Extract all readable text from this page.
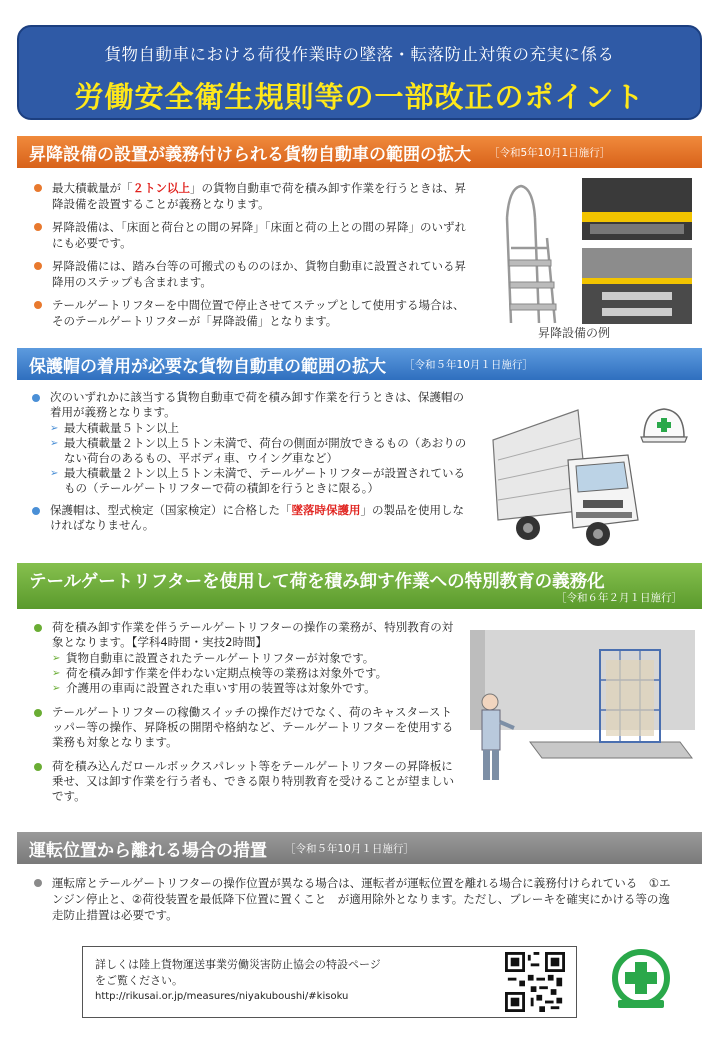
貨物自動車における荷役作業時の墜落・転落防止対策の充実に係る
労働安全衛生規則等の一部改正のポイント
昇降設備の設置が義務付けられる貨物自動車の範囲の拡大 ［令和5年10月1日施行］
最大積載量が「２トン以上」の貨物自動車で荷を積み卸す作業を行うときは、昇降設備を設置することが義務となります。
昇降設備は、「床面と荷台との間の昇降」「床面と荷の上との間の昇降」のいずれにも必要です。
昇降設備には、踏み台等の可搬式のもののほか、貨物自動車に設置されている昇降用のステップも含まれます。
テールゲートリフターを中間位置で停止させてステップとして使用する場合は、そのテールゲートリフターが「昇降設備」となります。
昇降設備の例
保護帽の着用が必要な貨物自動車の範囲の拡大 ［令和５年10月１日施行］
次のいずれかに該当する貨物自動車で荷を積み卸す作業を行うときは、保護帽の着用が義務となります。
➢ 最大積載量５トン以上
➢ 最大積載量２トン以上５トン未満で、荷台の側面が開放できるもの（あおりのない荷台のあるもの、平ボディ車、ウイング車など）
➢ 最大積載量２トン以上５トン未満で、テールゲートリフターが設置されているもの（テールゲートリフターで荷の積卸を行うときに限る。）
保護帽は、型式検定（国家検定）に合格した「墜落時保護用」の製品を使用しなければなりません。
テールゲートリフターを使用して荷を積み卸す作業への特別教育の義務化
［令和６年２月１日施行］
荷を積み卸す作業を伴うテールゲートリフターの操作の業務が、特別教育の対象となります。【学科4時間・実技2時間】
➢ 貨物自動車に設置されたテールゲートリフターが対象です。
➢ 荷を積み卸す作業を伴わない定期点検等の業務は対象外です。
➢ 介護用の車両に設置された車いす用の装置等は対象外です。
テールゲートリフターの稼働スイッチの操作だけでなく、荷のキャスターストッパー等の操作、昇降板の開閉や格納など、テールゲートリフターを使用する業務も対象となります。
荷を積み込んだロールボックスパレット等をテールゲートリフターの昇降板に乗せ、又は卸す作業を行う者も、できる限り特別教育を受けることが望ましいです。
運転位置から離れる場合の措置 ［令和５年10月１日施行］
運転席とテールゲートリフターの操作位置が異なる場合は、運転者が運転位置を離れる場合に義務付けられている　①エンジン停止と、②荷役装置を最低降下位置に置くこと　が適用除外となります。ただし、ブレーキを確実にかける等の逸走防止措置は必要です。
詳しくは陸上貨物運送事業労働災害防止協会の特設ページ
をご覧ください。
http://rikusai.or.jp/measures/niyakuboushi/#kisoku
